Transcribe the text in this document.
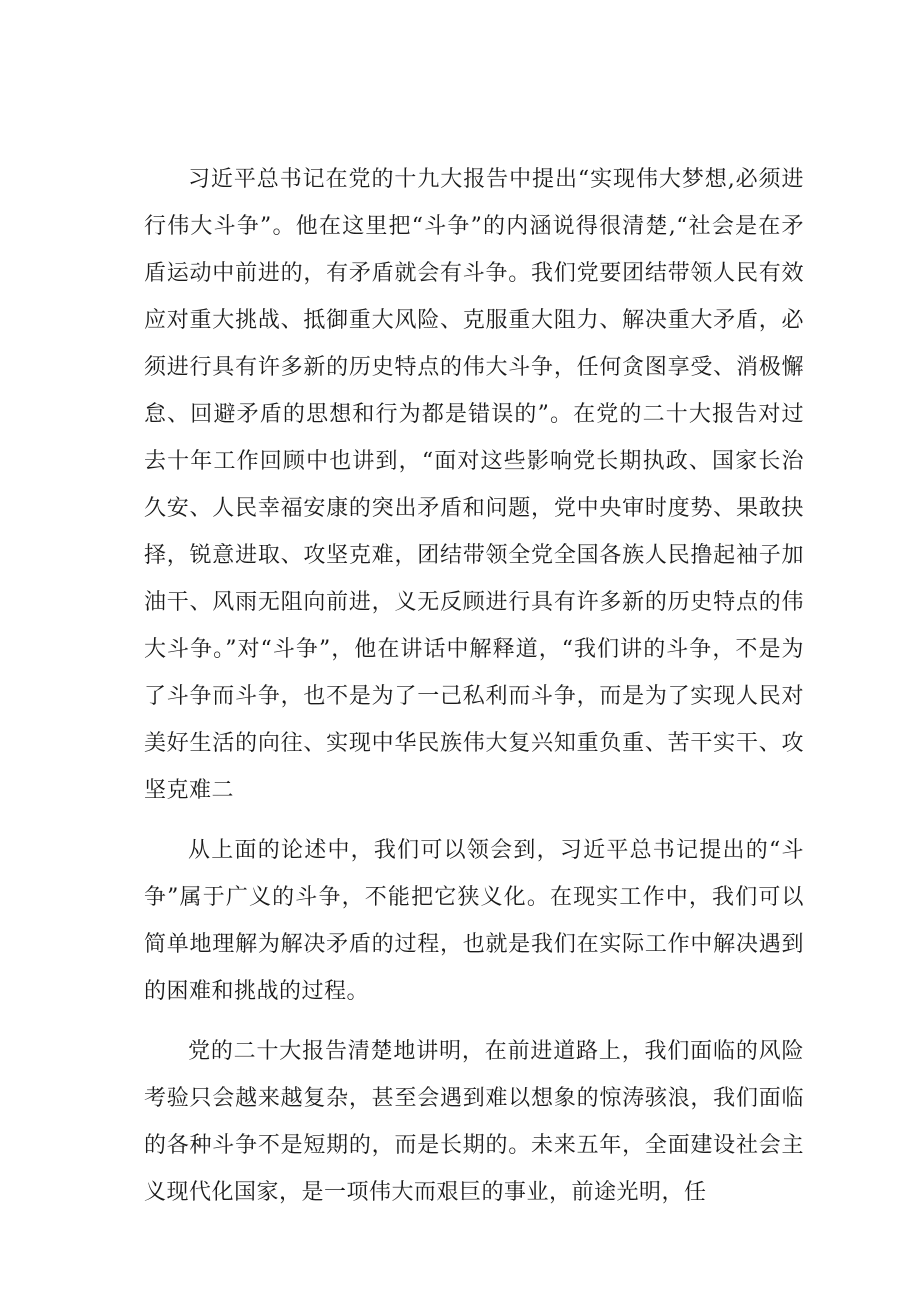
习近平总书记在党的十九大报告中提出“实现伟大梦想,必须进行伟大斗争”。他在这里把“斗争”的内涵说得很清楚,“社会是在矛盾运动中前进的，有矛盾就会有斗争。我们党要团结带领人民有效应对重大挑战、抵御重大风险、克服重大阻力、解决重大矛盾，必须进行具有许多新的历史特点的伟大斗争，任何贪图享受、消极懈怠、回避矛盾的思想和行为都是错误的”。在党的二十大报告对过去十年工作回顾中也讲到，“面对这些影响党长期执政、国家长治久安、人民幸福安康的突出矛盾和问题，党中央审时度势、果敢抉择，锐意进取、攻坚克难，团结带领全党全国各族人民撸起袖子加油干、风雨无阻向前进，义无反顾进行具有许多新的历史特点的伟大斗争。”对“斗争”，他在讲话中解释道，“我们讲的斗争，不是为了斗争而斗争，也不是为了一己私利而斗争，而是为了实现人民对美好生活的向往、实现中华民族伟大复兴知重负重、苦干实干、攻坚克难二

从上面的论述中，我们可以领会到，习近平总书记提出的“斗争”属于广义的斗争，不能把它狭义化。在现实工作中，我们可以简单地理解为解决矛盾的过程，也就是我们在实际工作中解决遇到的困难和挑战的过程。

党的二十大报告清楚地讲明，在前进道路上，我们面临的风险考验只会越来越复杂，甚至会遇到难以想象的惊涛骇浪，我们面临的各种斗争不是短期的，而是长期的。未来五年，全面建设社会主义现代化国家，是一项伟大而艰巨的事业，前途光明，任
